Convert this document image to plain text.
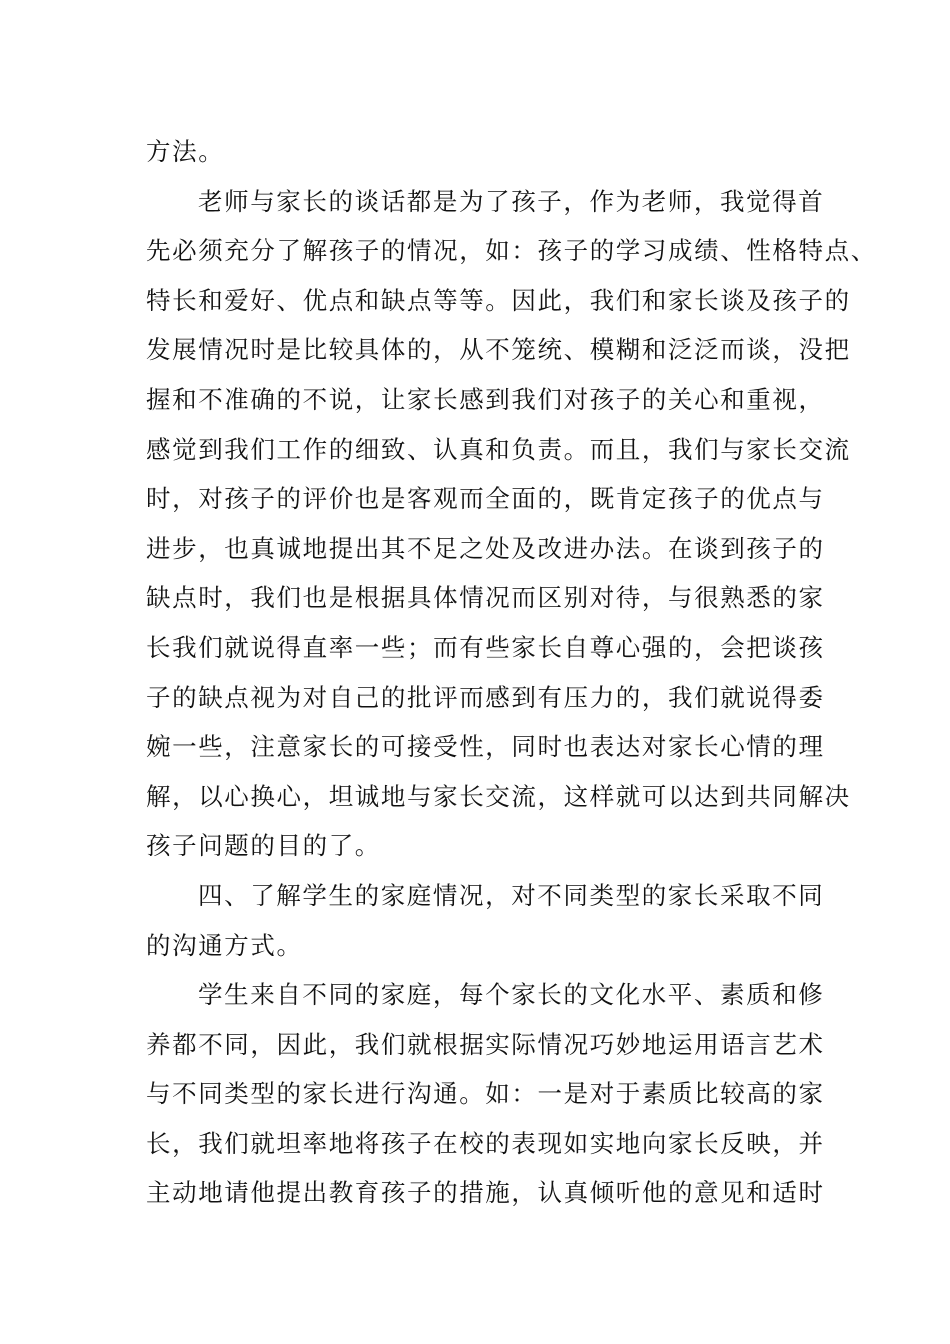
方法。
老师与家长的谈话都是为了孩子，作为老师，我觉得首
先必须充分了解孩子的情况，如：孩子的学习成绩、性格特点、
特长和爱好、优点和缺点等等。因此，我们和家长谈及孩子的
发展情况时是比较具体的，从不笼统、模糊和泛泛而谈，没把
握和不准确的不说，让家长感到我们对孩子的关心和重视，
感觉到我们工作的细致、认真和负责。而且，我们与家长交流
时，对孩子的评价也是客观而全面的，既肯定孩子的优点与
进步，也真诚地提出其不足之处及改进办法。在谈到孩子的
缺点时，我们也是根据具体情况而区别对待，与很熟悉的家
长我们就说得直率一些；而有些家长自尊心强的，会把谈孩
子的缺点视为对自己的批评而感到有压力的，我们就说得委
婉一些，注意家长的可接受性，同时也表达对家长心情的理
解，以心换心，坦诚地与家长交流，这样就可以达到共同解决
孩子问题的目的了。
四、了解学生的家庭情况，对不同类型的家长采取不同
的沟通方式。
学生来自不同的家庭，每个家长的文化水平、素质和修
养都不同，因此，我们就根据实际情况巧妙地运用语言艺术
与不同类型的家长进行沟通。如：一是对于素质比较高的家
长，我们就坦率地将孩子在校的表现如实地向家长反映，并
主动地请他提出教育孩子的措施，认真倾听他的意见和适时
